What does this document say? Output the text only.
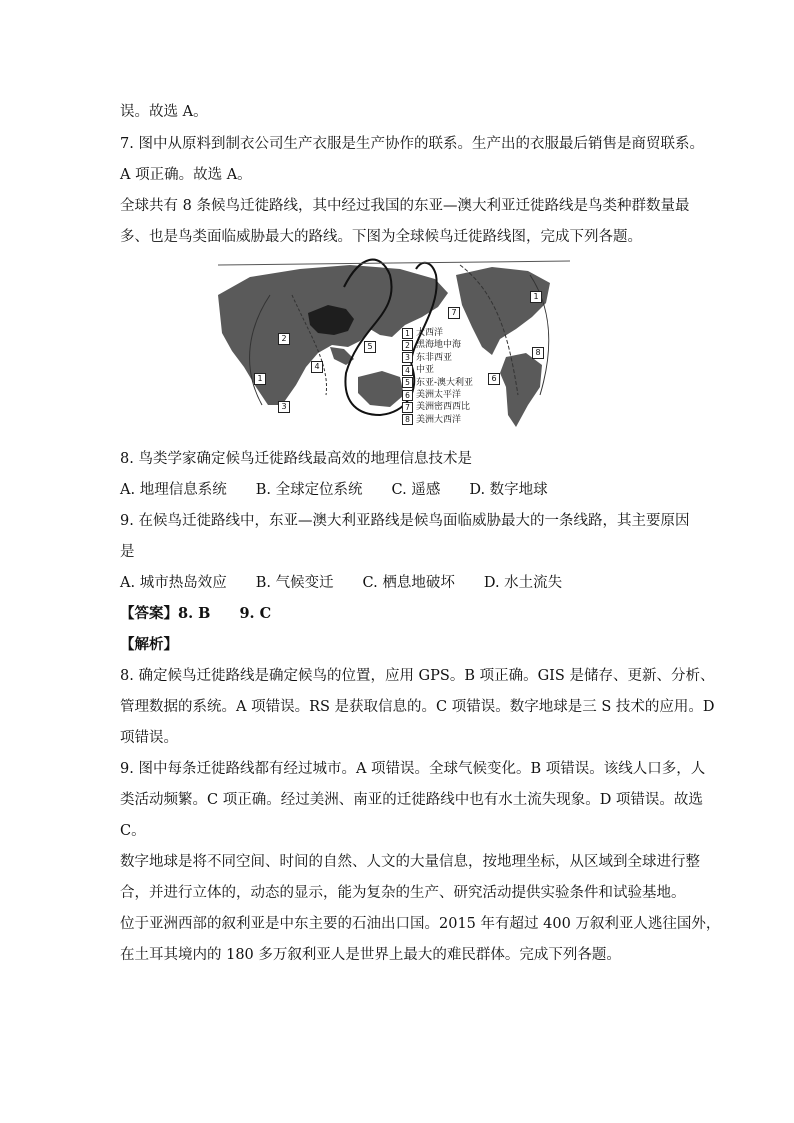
误。故选 A。
7. 图中从原料到制衣公司生产衣服是生产协作的联系。生产出的衣服最后销售是商贸联系。
A 项正确。故选 A。
全球共有 8 条候鸟迁徙路线，其中经过我国的东亚—澳大利亚迁徙路线是鸟类种群数量最
多、也是鸟类面临威胁最大的路线。下图为全球候鸟迁徙路线图，完成下列各题。
1
2
3
4
5
6
7
8
1
1 大西洋
2 黑海地中海
3 东非西亚
4 中亚
5 东亚-澳大利亚
6 美洲太平洋
7 美洲密西西比
8 美洲大西洋
8. 鸟类学家确定候鸟迁徙路线最高效的地理信息技术是
A. 地理信息系统　　B. 全球定位系统　　C. 遥感　　D. 数字地球
9. 在候鸟迁徙路线中，东亚—澳大利亚路线是候鸟面临威胁最大的一条线路，其主要原因
是
A. 城市热岛效应　　B. 气候变迁　　C. 栖息地破坏　　D. 水土流失
【答案】8. B　　9. C
【解析】
8. 确定候鸟迁徙路线是确定候鸟的位置，应用 GPS。B 项正确。GIS 是储存、更新、分析、
管理数据的系统。A 项错误。RS 是获取信息的。C 项错误。数字地球是三 S 技术的应用。D
项错误。
9. 图中每条迁徙路线都有经过城市。A 项错误。全球气候变化。B 项错误。该线人口多，人
类活动频繁。C 项正确。经过美洲、南亚的迁徙路线中也有水土流失现象。D 项错误。故选
C。
数字地球是将不同空间、时间的自然、人文的大量信息，按地理坐标，从区域到全球进行整
合，并进行立体的，动态的显示，能为复杂的生产、研究活动提供实验条件和试验基地。
位于亚洲西部的叙利亚是中东主要的石油出口国。2015 年有超过 400 万叙利亚人逃往国外，
在土耳其境内的 180 多万叙利亚人是世界上最大的难民群体。完成下列各题。
